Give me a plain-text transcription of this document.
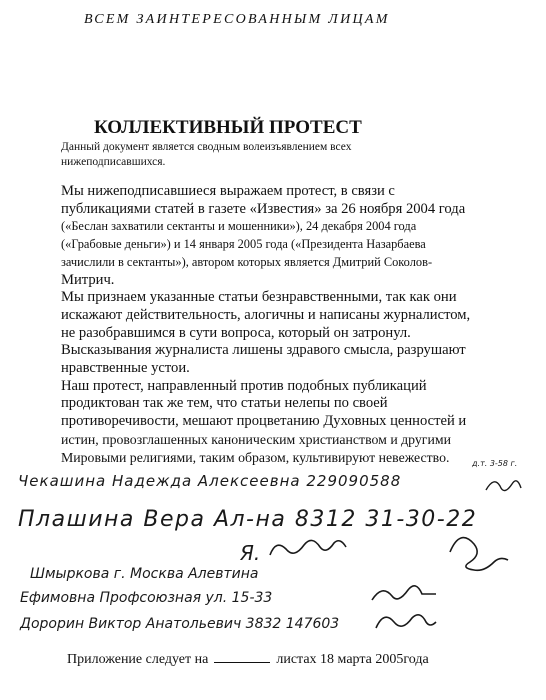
ВСЕМ ЗАИНТЕРЕСОВАННЫМ ЛИЦАМ
КОЛЛЕКТИВНЫЙ ПРОТЕСТ
Данный документ является сводным волеизъявлением всех
нижеподписавшихся.
Мы нижеподписавшиеся выражаем протест, в связи с
публикациями статей в газете «Известия» за 26 ноября 2004 года
(«Беслан захватили сектанты и мошенники»), 24 декабря 2004 года
(«Грабовые деньги») и 14 января 2005 года («Президента Назарбаева
зачислили в сектанты»), автором которых является Дмитрий Соколов-
Митрич.
Мы признаем указанные статьи безнравственными, так как они
искажают действительность, алогичны и написаны журналистом,
не разобравшимся в сути вопроса, который он затронул.
Высказывания журналиста лишены здравого смысла, разрушают
нравственные устои.
Наш протест, направленный против подобных публикаций
продиктован так же тем, что статьи нелепы по своей
противоречивости, мешают процветанию Духовных ценностей и
истин, провозглашенных каноническим христианством и другими
Мировыми религиями, таким образом, культивируют невежество.
Чекашина Надежда Алексеевна 229090588
д.т. 3-58 г.
Плашина Вера Ал-на 8312 31-30-22
Я.
Шмыркова г. Москва Алевтина
Ефимовна Профсоюзная ул. 15-33
Дорорин Виктор Анатольевич 3832 147603
Приложение следует на	листах 18 марта 2005года
